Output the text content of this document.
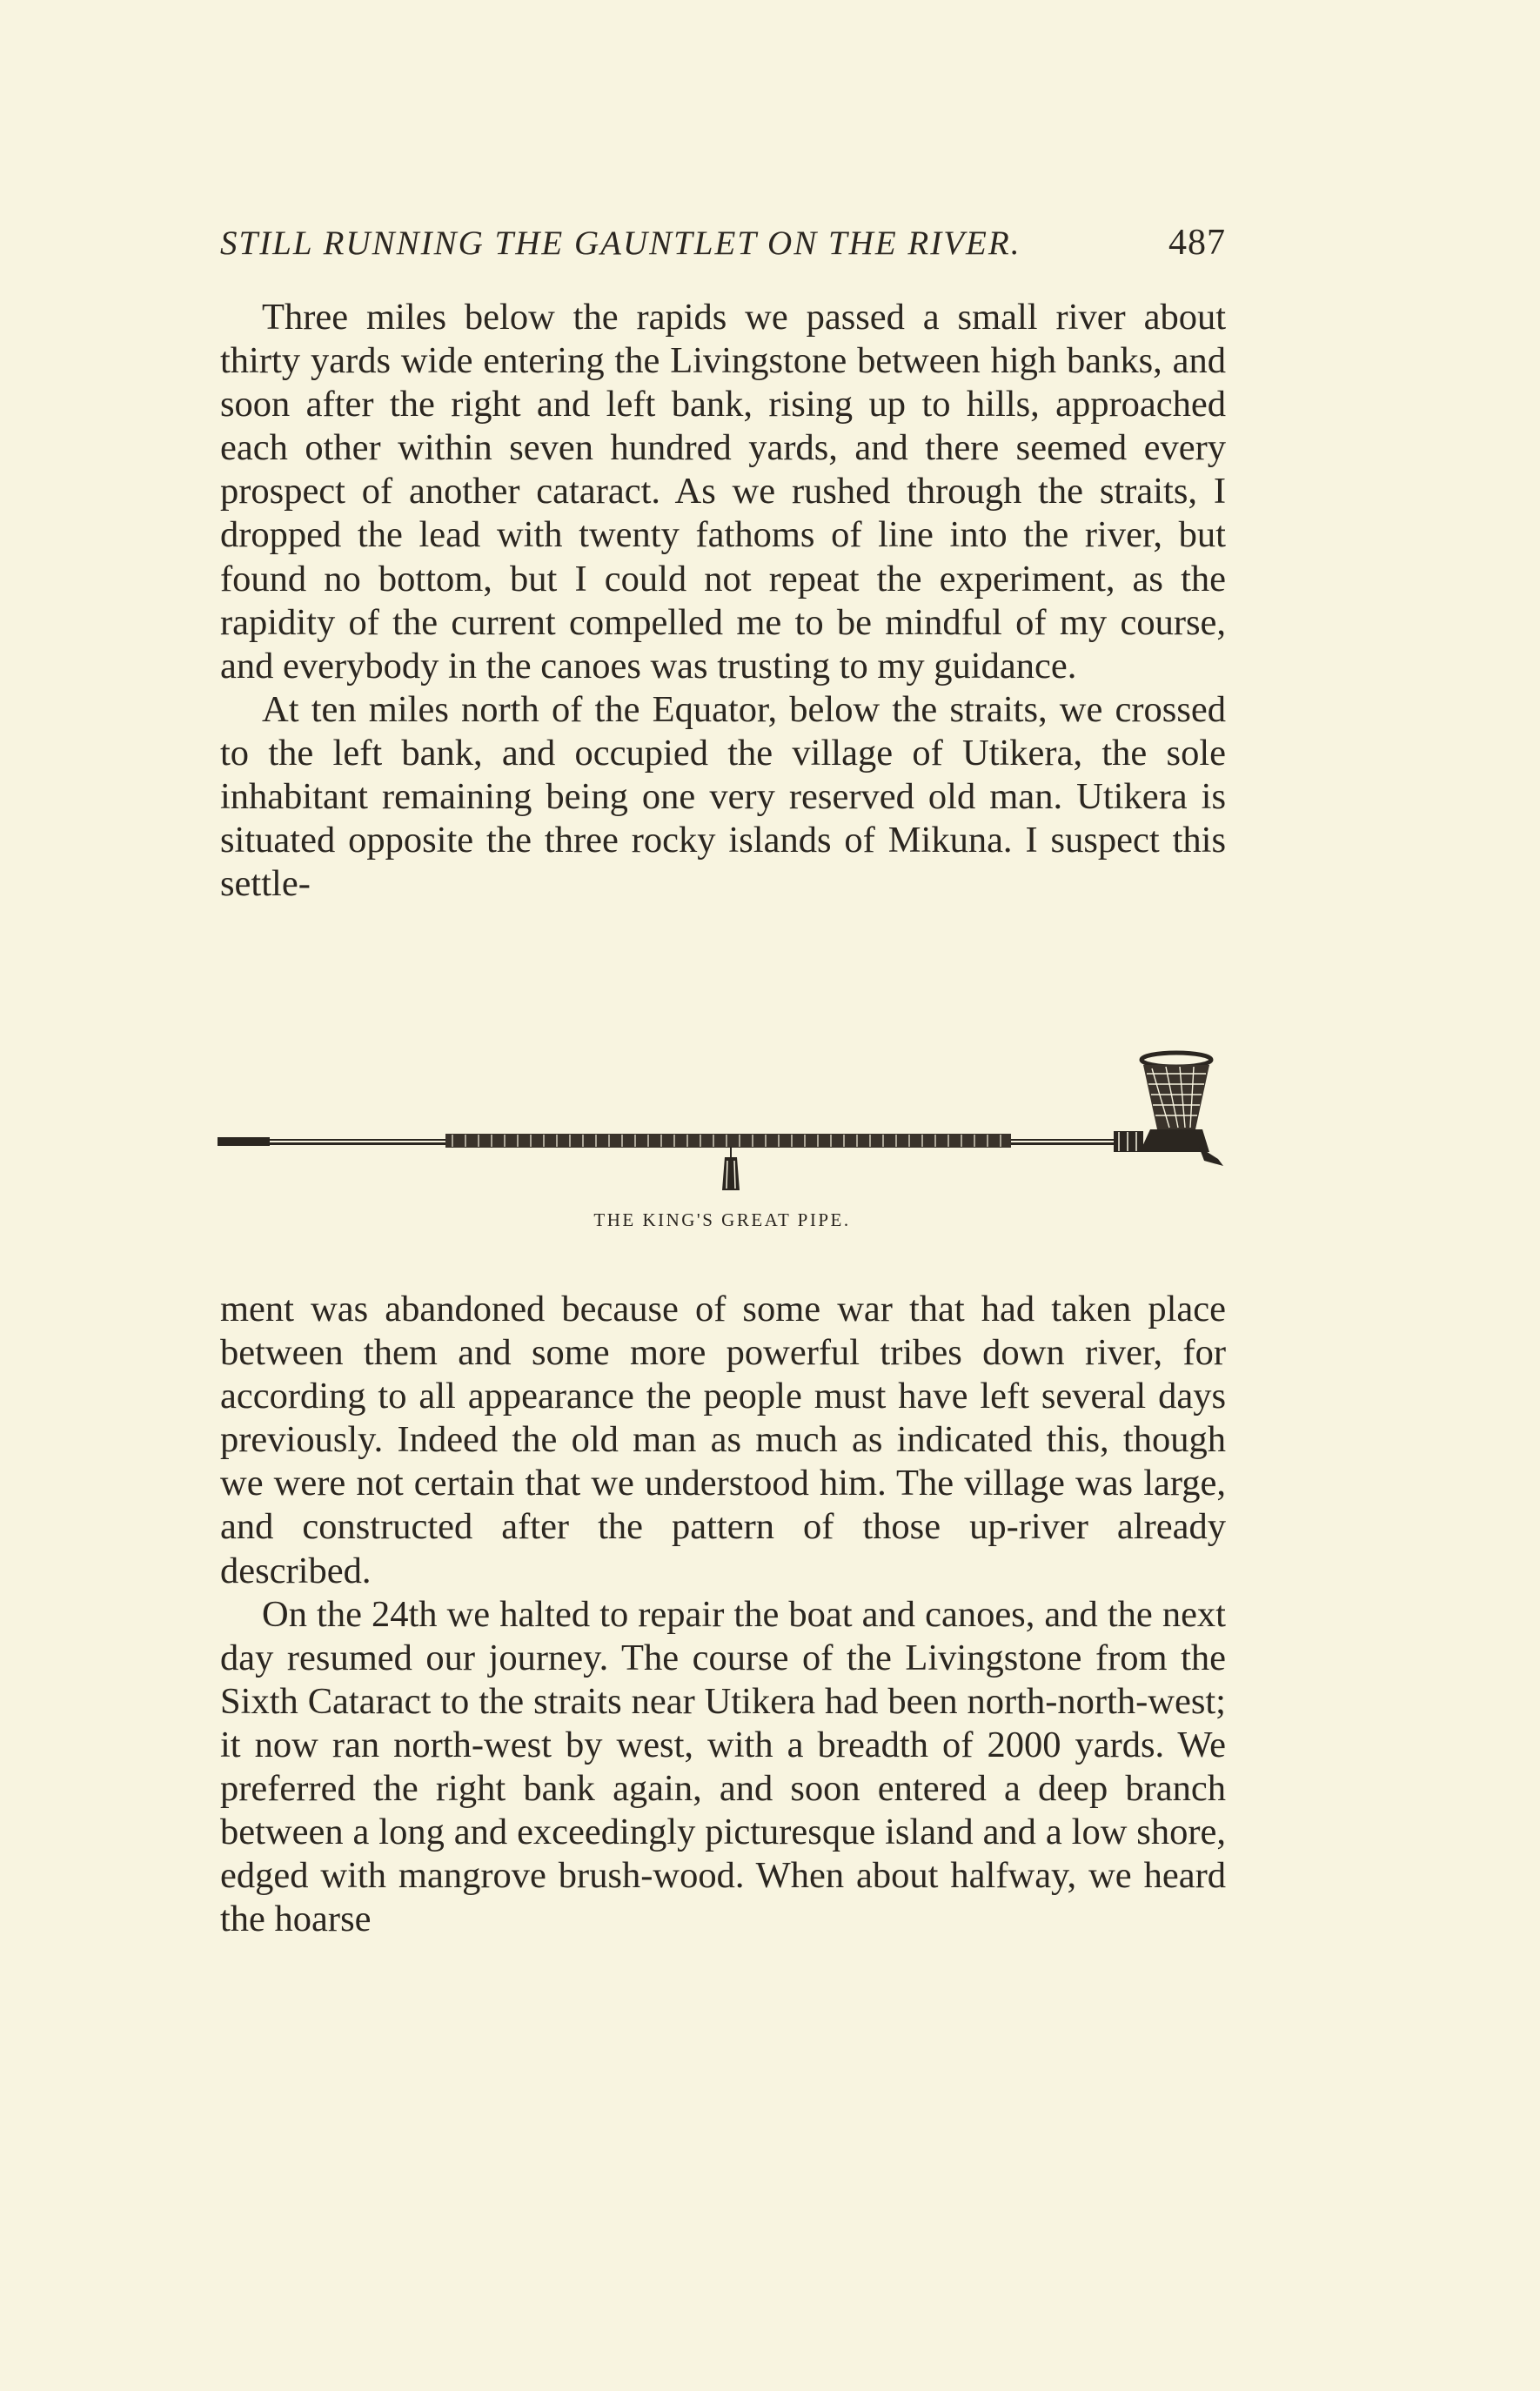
STILL RUNNING THE GAUNTLET ON THE RIVER.	487

Three miles below the rapids we passed a small river about thirty yards wide entering the Livingstone between high banks, and soon after the right and left bank, rising up to hills, approached each other within seven hundred yards, and there seemed every prospect of another cataract. As we rushed through the straits, I dropped the lead with twenty fathoms of line into the river, but found no bottom, but I could not repeat the experiment, as the rapidity of the current compelled me to be mindful of my course, and everybody in the canoes was trusting to my guidance.

At ten miles north of the Equator, below the straits, we crossed to the left bank, and occupied the village of Utikera, the sole inhabitant remaining being one very reserved old man. Utikera is situated opposite the three rocky islands of Mikuna. I suspect this settle-

THE KING'S GREAT PIPE.

ment was abandoned because of some war that had taken place between them and some more powerful tribes down river, for according to all appearance the people must have left several days previously. Indeed the old man as much as indicated this, though we were not certain that we understood him. The village was large, and constructed after the pattern of those up-river already described.

On the 24th we halted to repair the boat and canoes, and the next day resumed our journey. The course of the Livingstone from the Sixth Cataract to the straits near Utikera had been north-north-west; it now ran north-west by west, with a breadth of 2000 yards. We preferred the right bank again, and soon entered a deep branch between a long and exceedingly picturesque island and a low shore, edged with mangrove brush-wood. When about halfway, we heard the hoarse
